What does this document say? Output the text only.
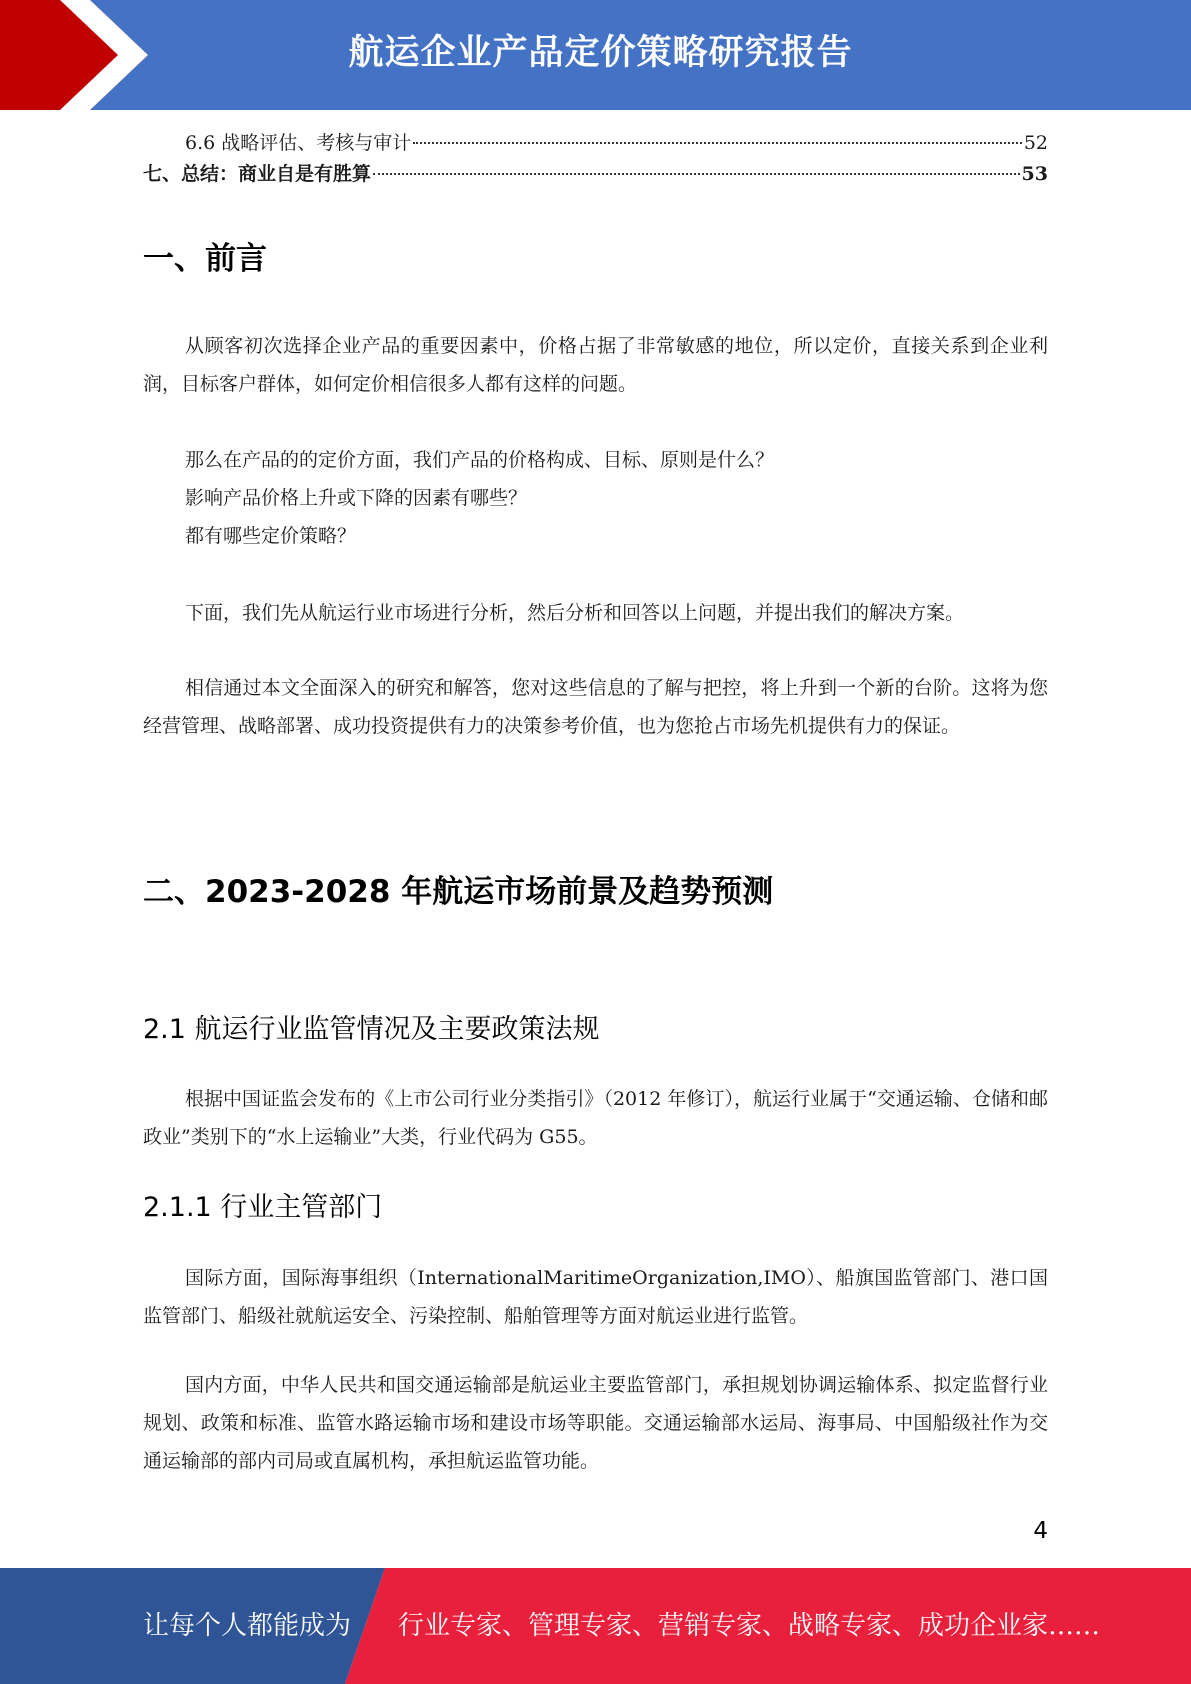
航运企业产品定价策略研究报告
6.6 战略评估、考核与审计	52
七、总结：商业自是有胜算	53
一、前言
从顾客初次选择企业产品的重要因素中，价格占据了非常敏感的地位，所以定价，直接关系到企业利润，目标客户群体，如何定价相信很多人都有这样的问题。
那么在产品的的定价方面，我们产品的价格构成、目标、原则是什么？
影响产品价格上升或下降的因素有哪些？
都有哪些定价策略？
下面，我们先从航运行业市场进行分析，然后分析和回答以上问题，并提出我们的解决方案。
相信通过本文全面深入的研究和解答，您对这些信息的了解与把控，将上升到一个新的台阶。这将为您经营管理、战略部署、成功投资提供有力的决策参考价值，也为您抢占市场先机提供有力的保证。
二、2023-2028 年航运市场前景及趋势预测
2.1 航运行业监管情况及主要政策法规
根据中国证监会发布的《上市公司行业分类指引》（2012 年修订），航运行业属于“交通运输、仓储和邮政业”类别下的“水上运输业”大类，行业代码为 G55。
2.1.1 行业主管部门
国际方面，国际海事组织（InternationalMaritimeOrganization,IMO）、船旗国监管部门、港口国监管部门、船级社就航运安全、污染控制、船舶管理等方面对航运业进行监管。
国内方面，中华人民共和国交通运输部是航运业主要监管部门，承担规划协调运输体系、拟定监督行业规划、政策和标准、监管水路运输市场和建设市场等职能。交通运输部水运局、海事局、中国船级社作为交通运输部的部内司局或直属机构，承担航运监管功能。
4
让每个人都能成为 行业专家、管理专家、营销专家、战略专家、成功企业家……
